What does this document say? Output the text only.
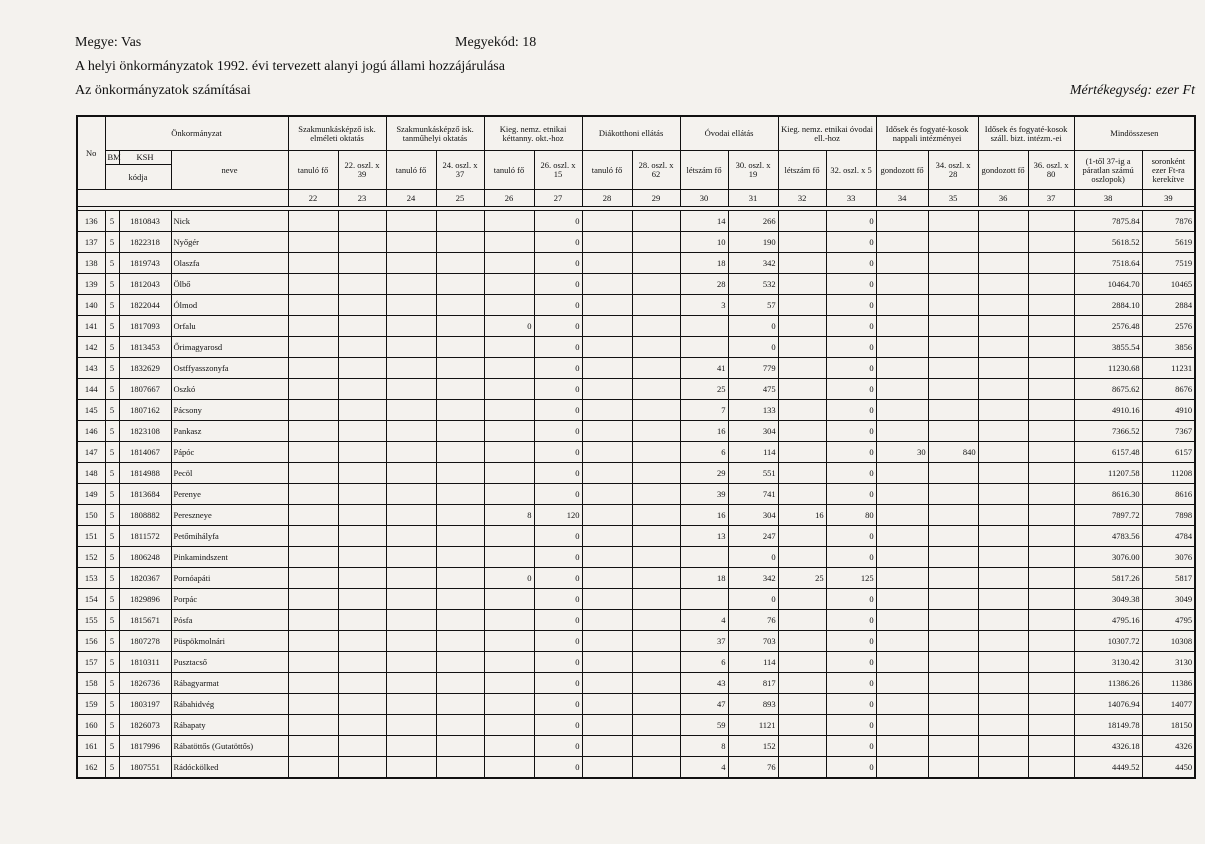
Megye: Vas	Megyekód: 18
A helyi önkormányzatok 1992. évi tervezett alanyi jogú állami hozzájárulása
Az önkormányzatok számításai	Mértékegység: ezer Ft
No	Önkormányzat			Szakmunkásképző isk. elméleti oktatás		Szakmunkásképző isk. tanműhelyi oktatás		Kieg. nemz. etnikai kéttanny. okt.-hoz		Diákotthoni ellátás		Óvodai ellátás		Kieg. nemz. etnikai óvodai ell.-hoz		Idősek és fogyaté-kosok nappali intézményei		Idősek és fogyaté-kosok száll. bizt. intézm.-ei		Mindösszesen	
	BM	KSH	neve	tanuló fő	22. oszl. x 39	tanuló fő	24. oszl. x 37	tanuló fő	26. oszl. x 15	tanuló fő	28. oszl. x 62	létszám fő	30. oszl. x 19	létszám fő	32. oszl. x 5	gondozott fő	34. oszl. x 28	gondozott fő	36. oszl. x 80	(1-től 37-ig a páratlan számú oszlopok)	soronként ezer Ft-ra kerekítve
	kódja																				
				22	23	24	25	26	27	28	29	30	31	32	33	34	35	36	37	38	39

136	5	1810843	Nick						0			14	266		0					7875.84	7876
137	5	1822318	Nyőgér						0			10	190		0					5618.52	5619
138	5	1819743	Olaszfa						0			18	342		0					7518.64	7519
139	5	1812043	Ölbő						0			28	532		0					10464.70	10465
140	5	1822044	Ólmod						0			3	57		0					2884.10	2884
141	5	1817093	Orfalu					0	0				0		0					2576.48	2576
142	5	1813453	Őrimagyarosd						0				0		0					3855.54	3856
143	5	1832629	Ostffyasszonyfa						0			41	779		0					11230.68	11231
144	5	1807667	Oszkó						0			25	475		0					8675.62	8676
145	5	1807162	Pácsony						0			7	133		0					4910.16	4910
146	5	1823108	Pankasz						0			16	304		0					7366.52	7367
147	5	1814067	Pápóc						0			6	114		0	30	840			6157.48	6157
148	5	1814988	Pecöl						0			29	551		0					11207.58	11208
149	5	1813684	Perenye						0			39	741		0					8616.30	8616
150	5	1808882	Pereszneye					8	120			16	304	16	80					7897.72	7898
151	5	1811572	Petőmihályfa						0			13	247		0					4783.56	4784
152	5	1806248	Pinkamindszent						0				0		0					3076.00	3076
153	5	1820367	Pornóapáti					0	0			18	342	25	125					5817.26	5817
154	5	1829896	Porpác						0				0		0					3049.38	3049
155	5	1815671	Pósfa						0			4	76		0					4795.16	4795
156	5	1807278	Püspökmolnári						0			37	703		0					10307.72	10308
157	5	1810311	Pusztacső						0			6	114		0					3130.42	3130
158	5	1826736	Rábagyarmat						0			43	817		0					11386.26	11386
159	5	1803197	Rábahidvég						0			47	893		0					14076.94	14077
160	5	1826073	Rábapaty						0			59	1121		0					18149.78	18150
161	5	1817996	Rábatöttős (Gutatöttős)						0			8	152		0					4326.18	4326
162	5	1807551	Rádóckölked						0			4	76		0					4449.52	4450
